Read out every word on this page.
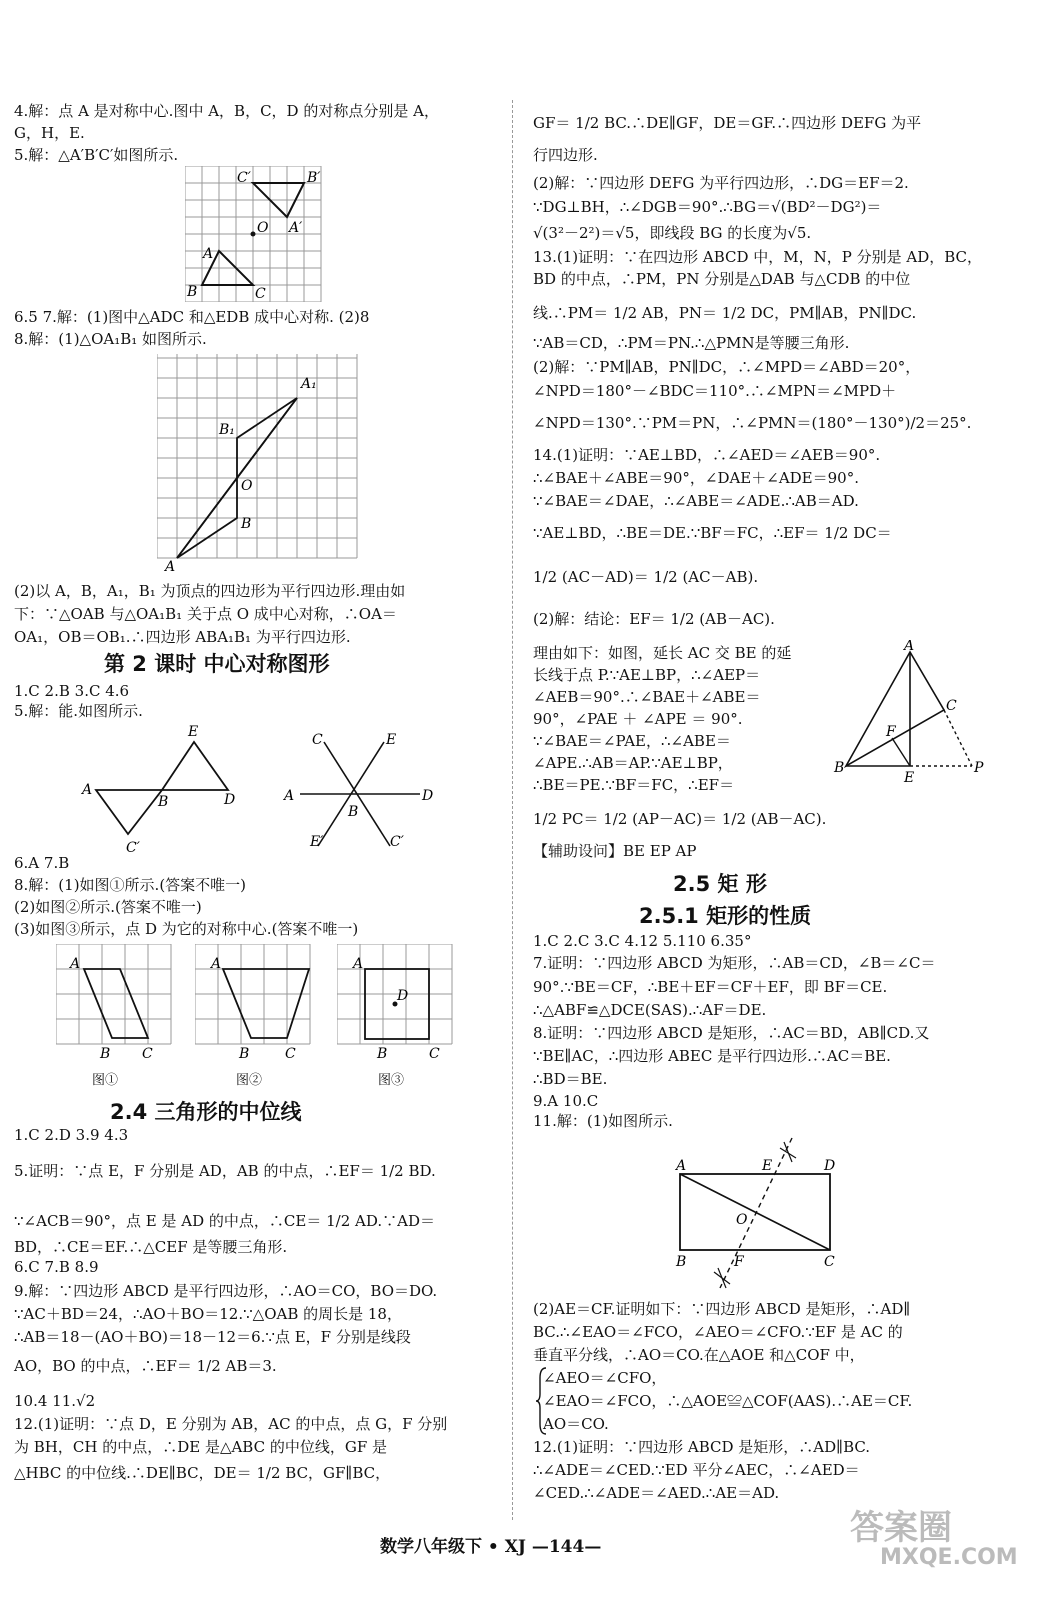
4.解：点 A 是对称中心.图中 A，B，C，D 的对称点分别是 A，
G，H，E.
5.解：△A′B′C′如图所示.
6.5 7.解：(1)图中△ADC 和△EDB 成中心对称. (2)8
8.解：(1)△OA₁B₁ 如图所示.
(2)以 A，B，A₁，B₁ 为顶点的四边形为平行四边形.理由如
下：∵△OAB 与△OA₁B₁ 关于点 O 成中心对称，∴OA＝
OA₁，OB＝OB₁.∴四边形 ABA₁B₁ 为平行四边形.
第 2 课时 中心对称图形
1.C 2.B 3.C 4.6
5.解：能.如图所示.
6.A 7.B
8.解：(1)如图①所示.(答案不唯一)
(2)如图②所示.(答案不唯一)
(3)如图③所示，点 D 为它的对称中心.(答案不唯一)
2.4 三角形的中位线
1.C 2.D 3.9 4.3
5.证明：∵点 E，F 分别是 AD，AB 的中点，∴EF＝ 1/2 BD.
∵∠ACB＝90°，点 E 是 AD 的中点，∴CE＝ 1/2 AD.∵AD＝
BD，∴CE＝EF.∴△CEF 是等腰三角形.
6.C 7.B 8.9
9.解：∵四边形 ABCD 是平行四边形，∴AO＝CO，BO＝DO.
∵AC＋BD＝24，∴AO＋BO＝12.∵△OAB 的周长是 18，
∴AB＝18－(AO＋BO)＝18－12＝6.∵点 E，F 分别是线段
AO，BO 的中点，∴EF＝ 1/2 AB＝3.
10.4 11.√2
12.(1)证明：∵点 D，E 分别为 AB，AC 的中点，点 G，F 分别
为 BH，CH 的中点，∴DE 是△ABC 的中位线，GF 是
△HBC 的中位线.∴DE∥BC，DE＝ 1/2 BC，GF∥BC，
GF＝ 1/2 BC.∴DE∥GF，DE＝GF.∴四边形 DEFG 为平
行四边形.
(2)解：∵四边形 DEFG 为平行四边形，∴DG＝EF＝2.
∵DG⊥BH，∴∠DGB＝90°.∴BG＝√(BD²－DG²)＝
√(3²－2²)＝√5，即线段 BG 的长度为√5.
13.(1)证明：∵在四边形 ABCD 中，M，N，P 分别是 AD，BC，
BD 的中点，∴PM，PN 分别是△DAB 与△CDB 的中位
线.∴PM＝ 1/2 AB，PN＝ 1/2 DC，PM∥AB，PN∥DC.
∵AB＝CD，∴PM＝PN.∴△PMN是等腰三角形.
(2)解：∵PM∥AB，PN∥DC，∴∠MPD＝∠ABD＝20°，
∠NPD＝180°－∠BDC＝110°.∴∠MPN＝∠MPD＋
∠NPD＝130°.∵PM＝PN，∴∠PMN＝(180°－130°)/2＝25°.
14.(1)证明：∵AE⊥BD，∴∠AED＝∠AEB＝90°.
∴∠BAE＋∠ABE＝90°，∠DAE＋∠ADE＝90°.
∵∠BAE＝∠DAE，∴∠ABE＝∠ADE.∴AB＝AD.
∵AE⊥BD，∴BE＝DE.∵BF＝FC，∴EF＝ 1/2 DC＝
1/2 (AC－AD)＝ 1/2 (AC－AB).
(2)解：结论：EF＝ 1/2 (AB－AC).
理由如下：如图，延长 AC 交 BE 的延
长线于点 P.∵AE⊥BP，∴∠AEP＝
∠AEB＝90°.∴∠BAE＋∠ABE＝
90°，∠PAE ＋ ∠APE ＝ 90°.
∵∠BAE＝∠PAE，∴∠ABE＝
∠APE.∴AB＝AP.∵AE⊥BP，
∴BE＝PE.∵BF＝FC，∴EF＝
1/2 PC＝ 1/2 (AP－AC)＝ 1/2 (AB－AC).
【辅助设问】BE EP AP
2.5 矩 形
2.5.1 矩形的性质
1.C 2.C 3.C 4.12 5.110 6.35°
7.证明：∵四边形 ABCD 为矩形，∴AB＝CD，∠B＝∠C＝
90°.∵BE＝CF，∴BE＋EF＝CF＋EF，即 BF＝CE.
∴△ABF≌△DCE(SAS).∴AF＝DE.
8.证明：∵四边形 ABCD 是矩形，∴AC＝BD，AB∥CD.又
∵BE∥AC，∴四边形 ABEC 是平行四边形.∴AC＝BE.
∴BD＝BE.
9.A 10.C
11.解：(1)如图所示.
(2)AE＝CF.证明如下：∵四边形 ABCD 是矩形，∴AD∥
BC.∴∠EAO＝∠FCO，∠AEO＝∠CFO.∵EF 是 AC 的
垂直平分线，∴AO＝CO.在△AOE 和△COF 中，
∠AEO＝∠CFO，
∠EAO＝∠FCO，∴△AOE≌△COF(AAS).∴AE＝CF.
AO＝CO.
12.(1)证明：∵四边形 ABCD 是矩形，∴AD∥BC.
∴∠ADE＝∠CED.∵ED 平分∠AEC，∴∠AED＝
∠CED.∴∠ADE＝∠AED.∴AE＝AD.
C′	B′
O A′
A
B	C
A₁
B₁
O
B
A
E
A
B	D
C′
C	E
A	D
B
E′	C′
A
B C
A
B	C
A
D
B	C
图①	图②	图③
A
C
F
B
E
P
A	E	D
O
B	F	C
数学八年级下 • XJ —144—	答案圈
MXQE.COM
